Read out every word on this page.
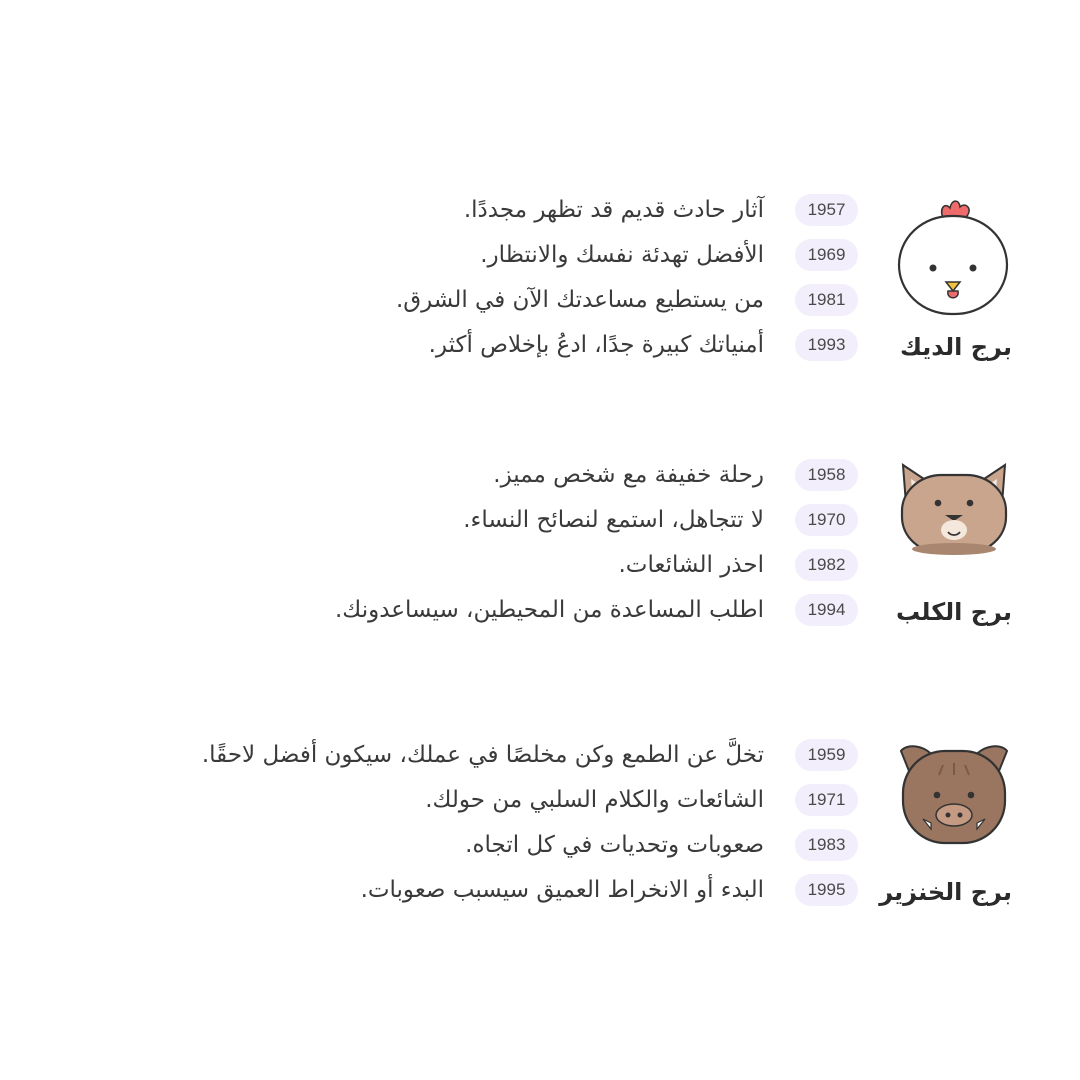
برج الديك
1957
آثار حادث قديم قد تظهر مجددًا.
1969
الأفضل تهدئة نفسك والانتظار.
1981
من يستطيع مساعدتك الآن في الشرق.
1993
أمنياتك كبيرة جدًا، ادعُ بإخلاص أكثر.
برج الكلب
1958
رحلة خفيفة مع شخص مميز.
1970
لا تتجاهل، استمع لنصائح النساء.
1982
احذر الشائعات.
1994
اطلب المساعدة من المحيطين، سيساعدونك.
برج الخنزير
1959
تخلَّ عن الطمع وكن مخلصًا في عملك، سيكون أفضل لاحقًا.
1971
الشائعات والكلام السلبي من حولك.
1983
صعوبات وتحديات في كل اتجاه.
1995
البدء أو الانخراط العميق سيسبب صعوبات.
